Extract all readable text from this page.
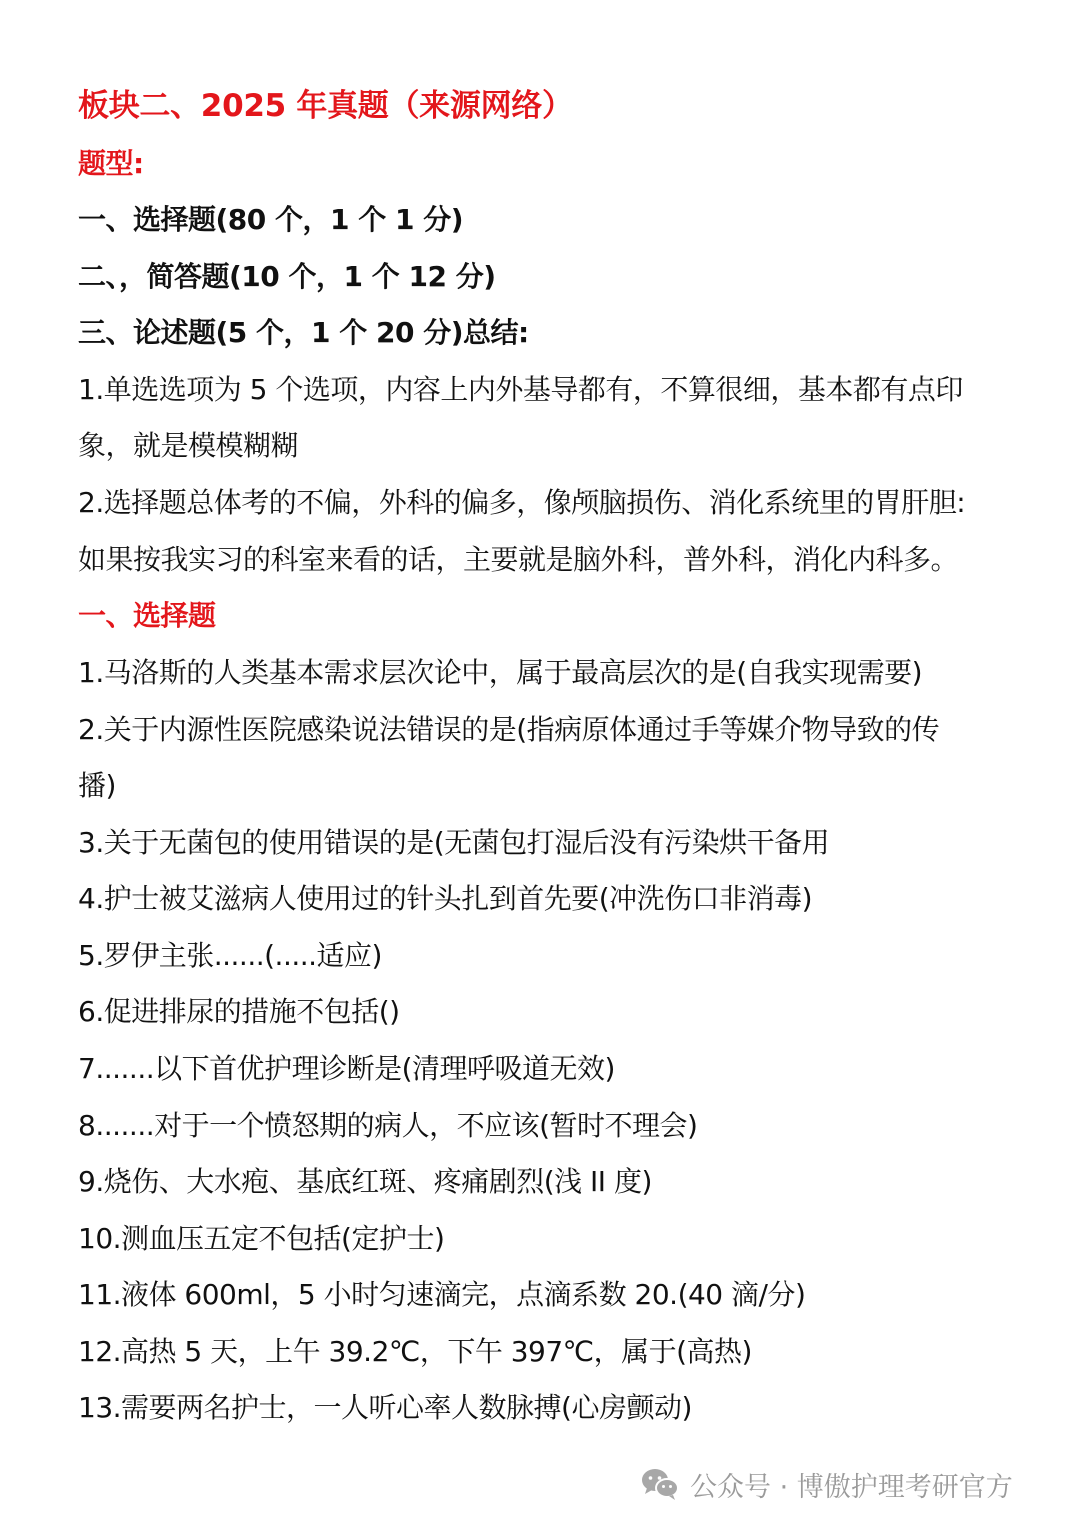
板块二、2025 年真题（来源网络）
题型:
一、选择题(80 个，1 个 1 分)
二、，简答题(10 个，1 个 12 分)
三、论述题(5 个，1 个 20 分)总结:
1.单选选项为 5 个选项，内容上内外基导都有，不算很细，基本都有点印
象，就是模模糊糊
2.选择题总体考的不偏，外科的偏多，像颅脑损伤、消化系统里的胃肝胆:
如果按我实习的科室来看的话，主要就是脑外科，普外科，消化内科多。
一、选择题
1.马洛斯的人类基本需求层次论中，属于最高层次的是(自我实现需要)
2.关于内源性医院感染说法错误的是(指病原体通过手等媒介物导致的传
播)
3.关于无菌包的使用错误的是(无菌包打湿后没有污染烘干备用
4.护士被艾滋病人使用过的针头扎到首先要(冲洗伤口非消毒)
5.罗伊主张......(.....适应)
6.促进排尿的措施不包括()
7.......以下首优护理诊断是(清理呼吸道无效)
8.......对于一个愤怒期的病人，不应该(暂时不理会)
9.烧伤、大水疱、基底红斑、疼痛剧烈(浅 II 度)
10.测血压五定不包括(定护士)
11.液体 600ml，5 小时匀速滴完，点滴系数 20.(40 滴/分)
12.高热 5 天，上午 39.2℃，下午 397℃，属于(高热)
13.需要两名护士，一人听心率人数脉搏(心房颤动)
公众号 · 博傲护理考研官方
